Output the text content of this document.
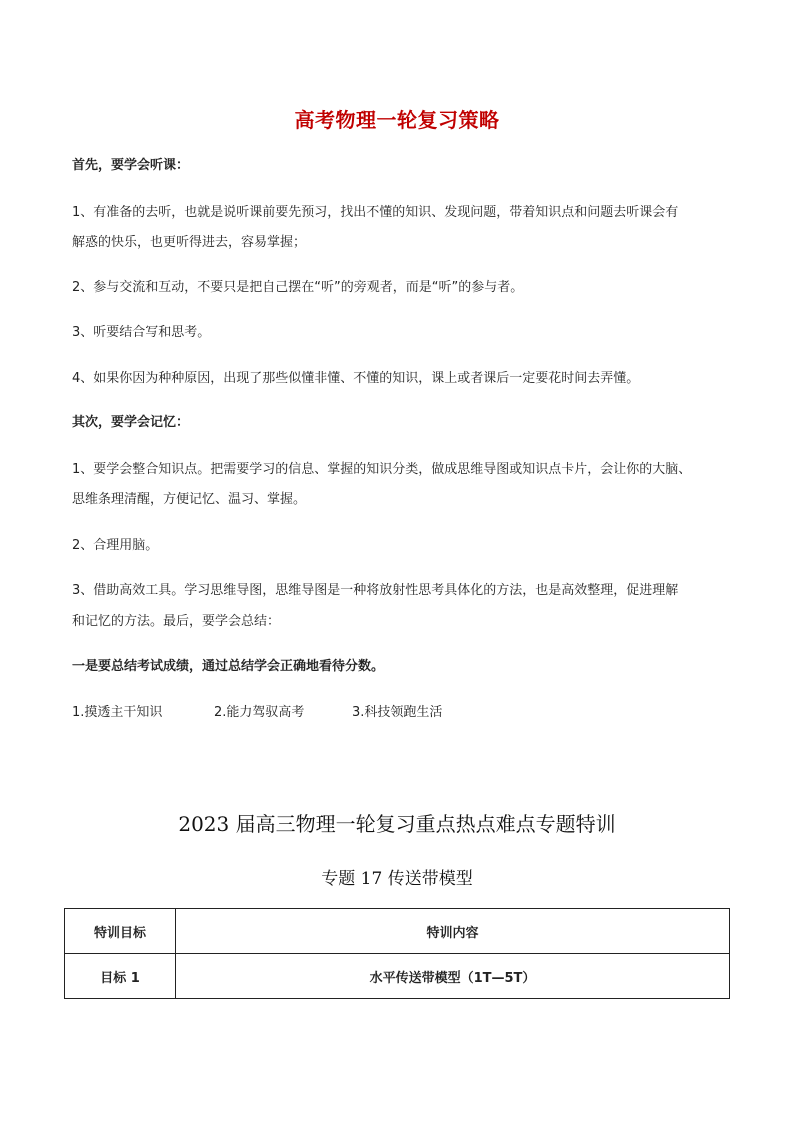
高考物理一轮复习策略
首先，要学会听课：
1、有准备的去听，也就是说听课前要先预习，找出不懂的知识、发现问题，带着知识点和问题去听课会有
解惑的快乐，也更听得进去，容易掌握；
2、参与交流和互动，不要只是把自己摆在“听”的旁观者，而是“听”的参与者。
3、听要结合写和思考。
4、如果你因为种种原因，出现了那些似懂非懂、不懂的知识，课上或者课后一定要花时间去弄懂。
其次，要学会记忆：
1、要学会整合知识点。把需要学习的信息、掌握的知识分类，做成思维导图或知识点卡片，会让你的大脑、
思维条理清醒，方便记忆、温习、掌握。
2、合理用脑。
3、借助高效工具。学习思维导图，思维导图是一种将放射性思考具体化的方法，也是高效整理，促进理解
和记忆的方法。最后，要学会总结：
一是要总结考试成绩，通过总结学会正确地看待分数。
1.摸透主干知识	2.能力驾驭高考	3.科技领跑生活
2023 届高三物理一轮复习重点热点难点专题特训
专题 17 传送带模型
特训目标	特训内容
目标 1	水平传送带模型（1T—5T）
